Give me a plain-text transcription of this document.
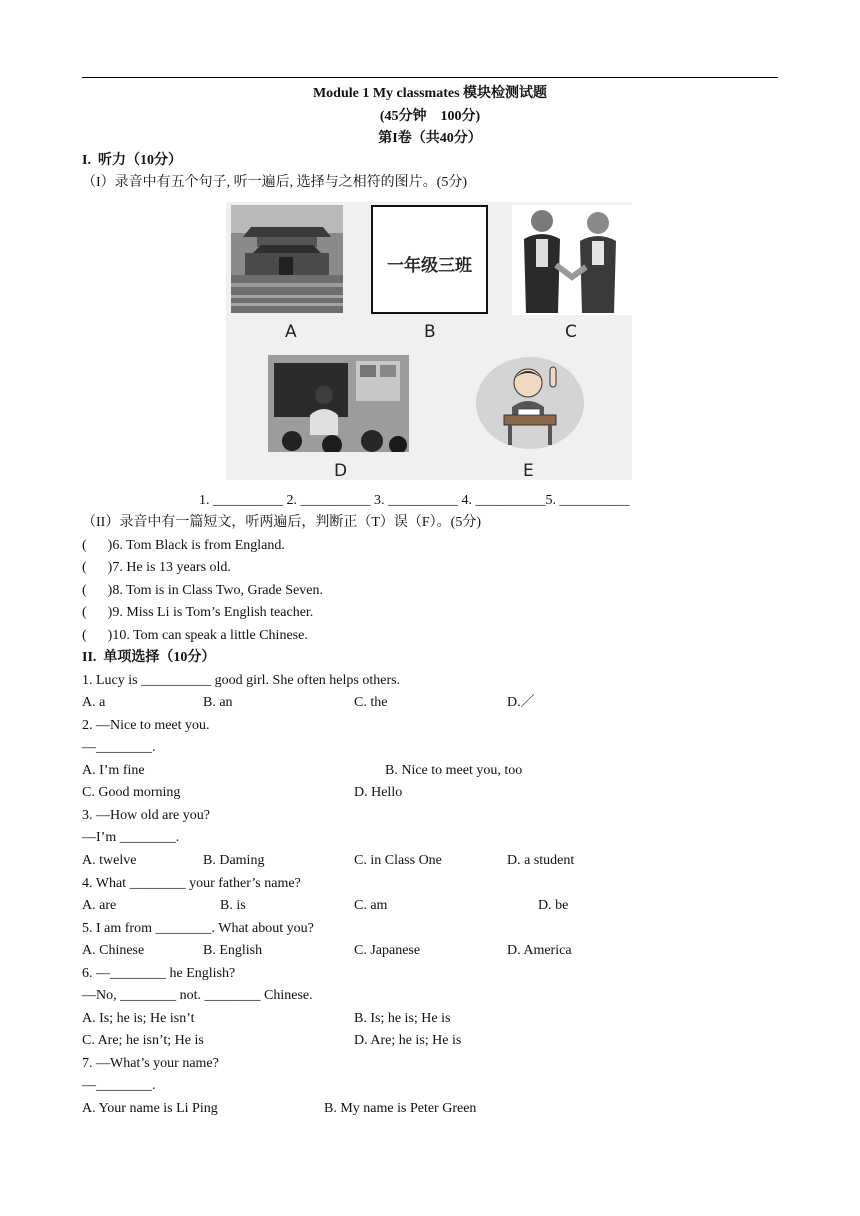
Module 1 My classmates 模块检测试题
(45分钟    100分)
第I卷（共40分）
I.  听力（10分）
（I）录音中有五个句子, 听一遍后, 选择与之相符的图片。(5分)
一年级三班
A	B	C
D	E
1. __________ 2. __________ 3. __________ 4. __________5. __________
（II）录音中有一篇短文，听两遍后，判断正（T）误（F）。(5分)
(      )6. Tom Black is from England.
(      )7. He is 13 years old.
(      )8. Tom is in Class Two, Grade Seven.
(      )9. Miss Li is Tom’s English teacher.
(      )10. Tom can speak a little Chinese.
II.  单项选择（10分）
1. Lucy is __________ good girl. She often helps others.
A. a	B. an	C. the	D.／
2. —Nice to meet you.
—________.
A. I’m fine	B. Nice to meet you, too
C. Good morning	D. Hello
3. —How old are you?
—I’m ________.
A. twelve	B. Daming	C. in Class One	D. a student
4. What ________ your father’s name?
A. are	B. is	C. am	D. be
5. I am from ________. What about you?
A. Chinese	B. English	C. Japanese	D. America
6. —________ he English?
—No, ________ not. ________ Chinese.
A. Is; he is; He isn’t	B. Is; he is; He is
C. Are; he isn’t; He is	D. Are; he is; He is
7. —What’s your name?
—________.
A. Your name is Li Ping	B. My name is Peter Green
